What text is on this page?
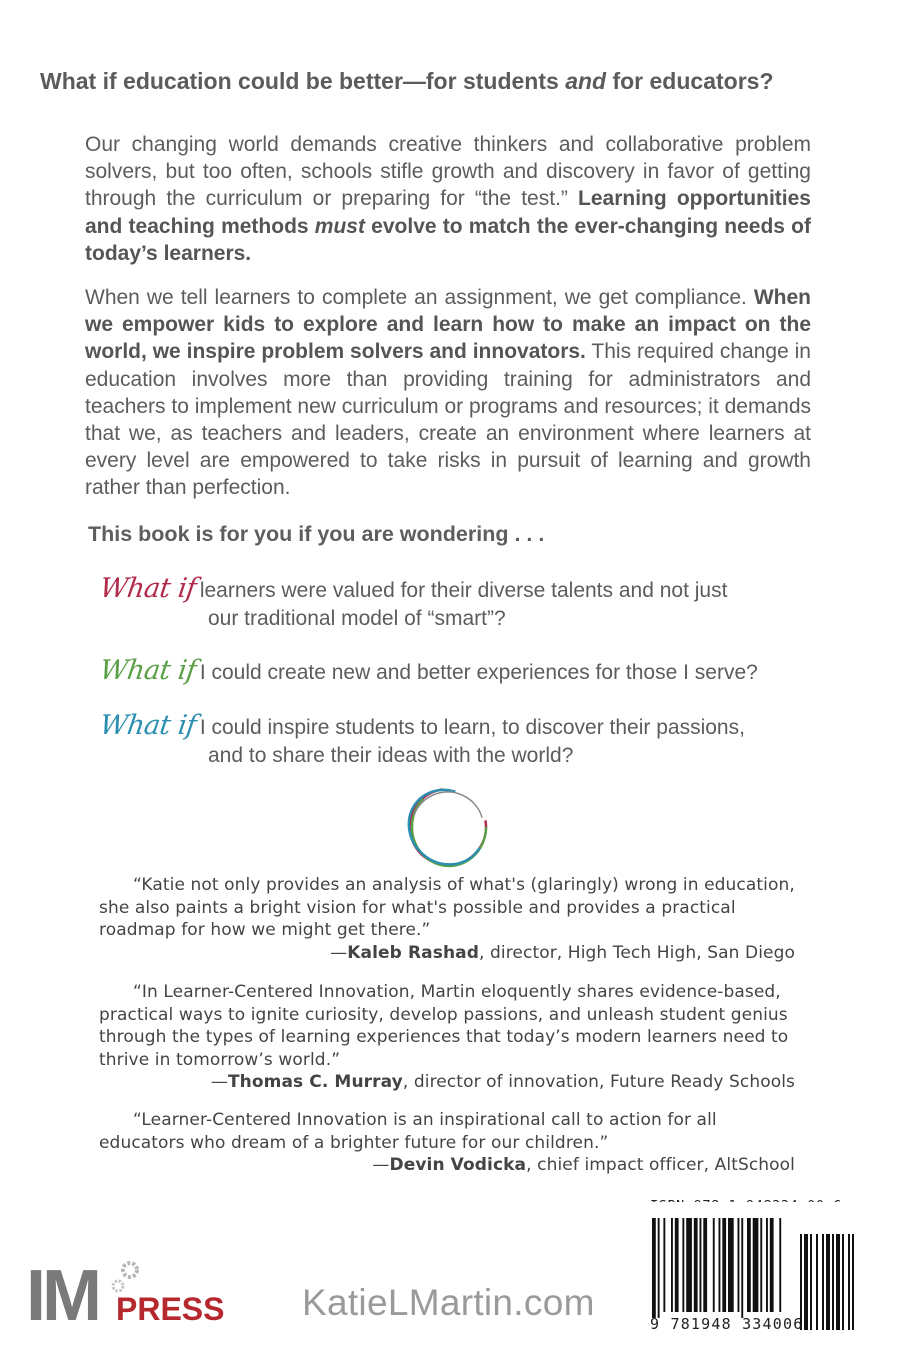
What if education could be better—for students and for educators?
Our changing world demands creative thinkers and collaborative problem solvers, but too often, schools stifle growth and discovery in favor of getting through the curriculum or preparing for “the test.” Learning opportunities and teaching methods must evolve to match the ever-changing needs of today’s learners.
When we tell learners to complete an assignment, we get compliance. When we empower kids to explore and learn how to make an impact on the world, we inspire problem solvers and innovators. This required change in education involves more than providing training for administrators and teachers to implement new curriculum or programs and resources; it demands that we, as teachers and leaders, create an environment where learners at every level are empowered to take risks in pursuit of learning and growth rather than perfection.
This book is for you if you are wondering . . .
What iflearners were valued for their diverse talents and not just
our traditional model of “smart”?
What ifI could create new and better experiences for those I serve?
What ifI could inspire students to learn, to discover their passions,
and to share their ideas with the world?

“Katie not only provides an analysis of what's (glaringly) wrong in education, she also paints a bright vision for what's possible and provides a practical roadmap for how we might get there.”

—Kaleb Rashad, director, High Tech High, San Diego

“In Learner-Centered Innovation, Martin eloquently shares evidence-based, practical ways to ignite curiosity, develop passions, and unleash student genius through the types of learning experiences that today’s modern learners need to thrive in tomorrow’s world.”

—Thomas C. Murray, director of innovation, Future Ready Schools

“Learner-Centered Innovation is an inspirational call to action for all educators who dream of a brighter future for our children.”

—Devin Vodicka, chief impact officer, AltSchool

IM PRESS KatieLMartin.com
9 781948 334006
